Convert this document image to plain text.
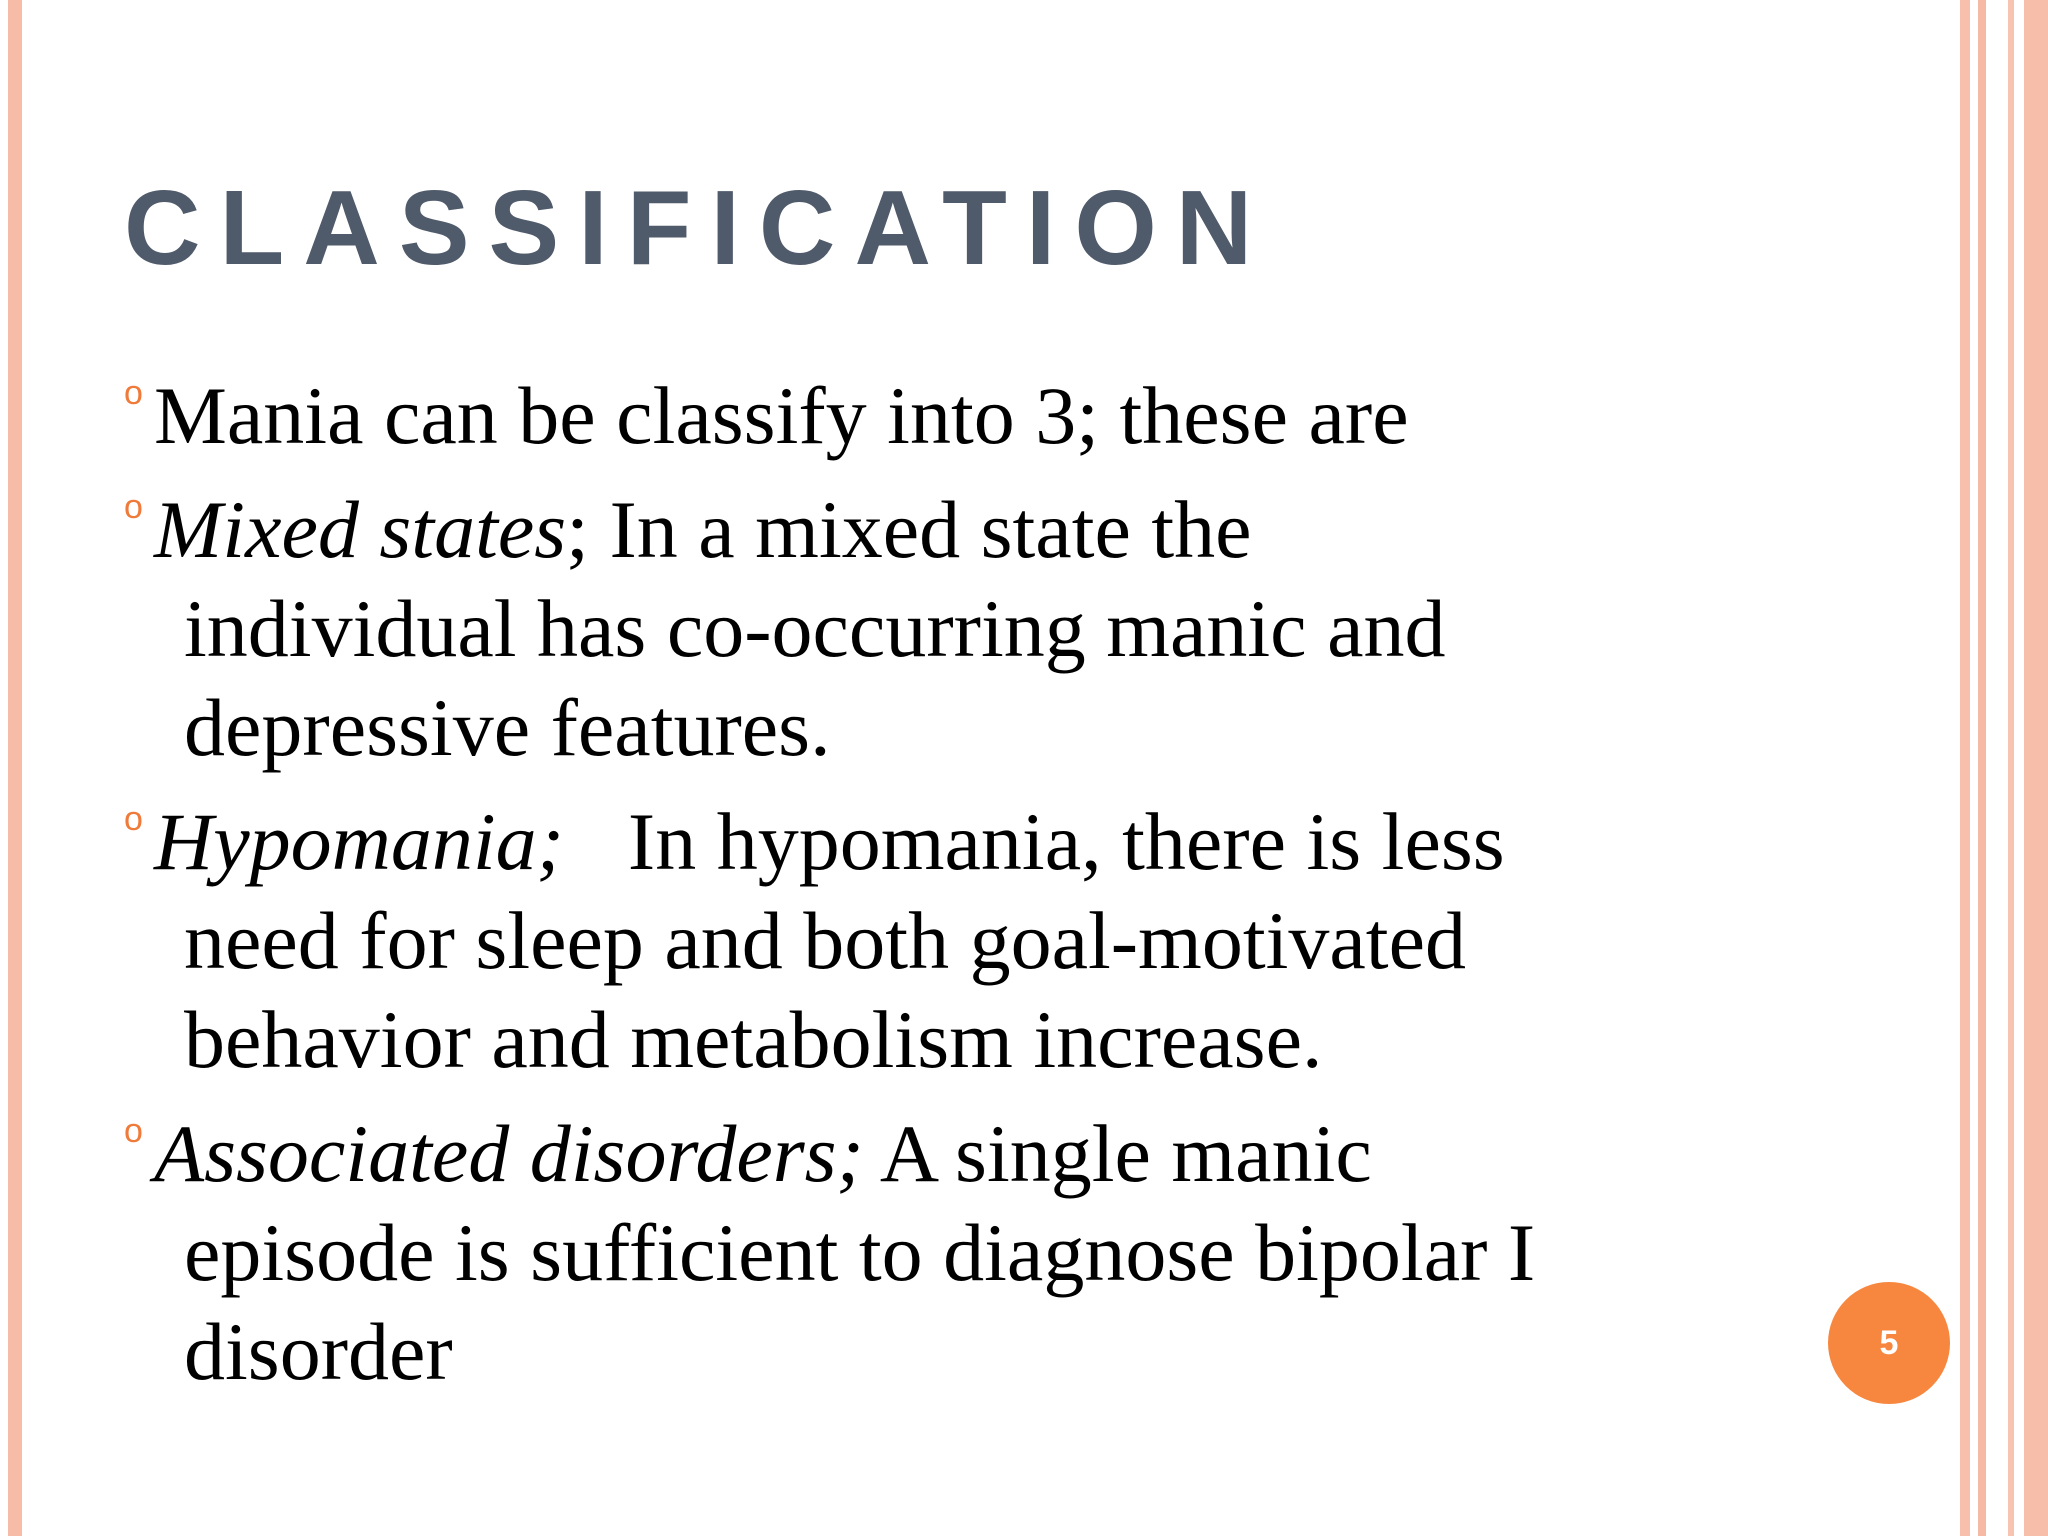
CLASSIFICATION

o Mania can be classify into 3; these are

o Mixed states; In a mixed state the
individual has co-occurring manic and
depressive features.

o Hypomania; In hypomania, there is less
need for sleep and both goal-motivated
behavior and metabolism increase.

o Associated disorders; A single manic
episode is sufficient to diagnose bipolar I
disorder	5
